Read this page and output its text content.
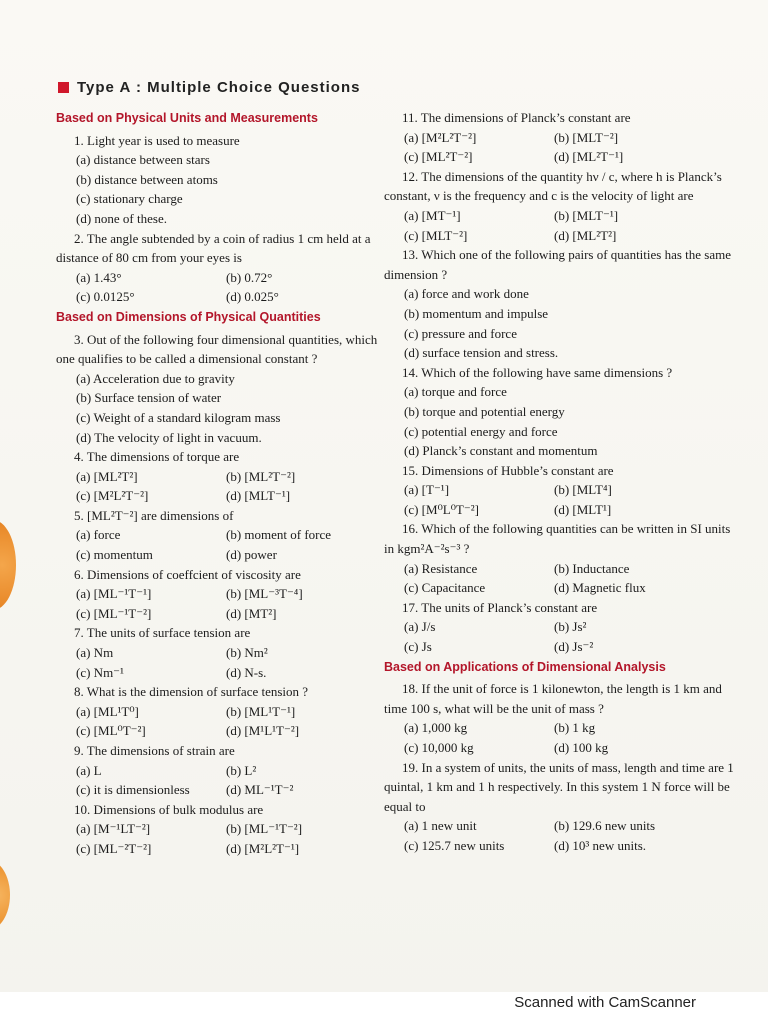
Type A : Multiple Choice Questions
Based on Physical Units and Measurements
1. Light year is used to measure
(a) distance between stars
(b) distance between atoms
(c) stationary charge
(d) none of these.
2. The angle subtended by a coin of radius 1 cm held at a distance of 80 cm from your eyes is
(a) 1.43°	(b) 0.72°
(c) 0.0125°	(d) 0.025°
Based on Dimensions of Physical Quantities
3. Out of the following four dimensional quantities, which one qualifies to be called a dimensional constant ?
(a) Acceleration due to gravity
(b) Surface tension of water
(c) Weight of a standard kilogram mass
(d) The velocity of light in vacuum.
4. The dimensions of torque are
(a) [ML²T²]	(b) [ML²T⁻²]
(c) [M²L²T⁻²]	(d) [MLT⁻¹]
5. [ML²T⁻²] are dimensions of
(a) force	(b) moment of force
(c) momentum	(d) power
6. Dimensions of coeffcient of viscosity are
(a) [ML⁻¹T⁻¹]	(b) [ML⁻³T⁻⁴]
(c) [ML⁻¹T⁻²]	(d) [MT²]
7. The units of surface tension are
(a) Nm	(b) Nm²
(c) Nm⁻¹	(d) N-s.
8. What is the dimension of surface tension ?
(a) [ML¹T⁰]	(b) [ML¹T⁻¹]
(c) [ML⁰T⁻²]	(d) [M¹L¹T⁻²]
9. The dimensions of strain are
(a) L	(b) L²
(c) it is dimensionless	(d) ML⁻¹T⁻²
10. Dimensions of bulk modulus are
(a) [M⁻¹LT⁻²]	(b) [ML⁻¹T⁻²]
(c) [ML⁻²T⁻²]	(d) [M²L²T⁻¹]
11. The dimensions of Planck’s constant are
(a) [M²L²T⁻²]	(b) [MLT⁻²]
(c) [ML²T⁻²]	(d) [ML²T⁻¹]
12. The dimensions of the quantity hν / c, where h is Planck’s constant, ν is the frequency and c is the velocity of light are
(a) [MT⁻¹]	(b) [MLT⁻¹]
(c) [MLT⁻²]	(d) [ML²T²]
13. Which one of the following pairs of quantities has the same dimension ?
(a) force and work done
(b) momentum and impulse
(c) pressure and force
(d) surface tension and stress.
14. Which of the following have same dimensions ?
(a) torque and force
(b) torque and potential energy
(c) potential energy and force
(d) Planck’s constant and momentum
15. Dimensions of Hubble’s constant are
(a) [T⁻¹]	(b) [MLT⁴]
(c) [M⁰L⁰T⁻²]	(d) [MLT¹]
16. Which of the following quantities can be written in SI units in kgm²A⁻²s⁻³ ?
(a) Resistance	(b) Inductance
(c) Capacitance	(d) Magnetic flux
17. The units of Planck’s constant are
(a) J/s	(b) Js²
(c) Js	(d) Js⁻²
Based on Applications of Dimensional Analysis
18. If the unit of force is 1 kilonewton, the length is 1 km and time 100 s, what will be the unit of mass ?
(a) 1,000 kg	(b) 1 kg
(c) 10,000 kg	(d) 100 kg
19. In a system of units, the units of mass, length and time are 1 quintal, 1 km and 1 h respectively. In this system 1 N force will be equal to
(a) 1 new unit	(b) 129.6 new units
(c) 125.7 new units	(d) 10³ new units.
Scanned with CamScanner
